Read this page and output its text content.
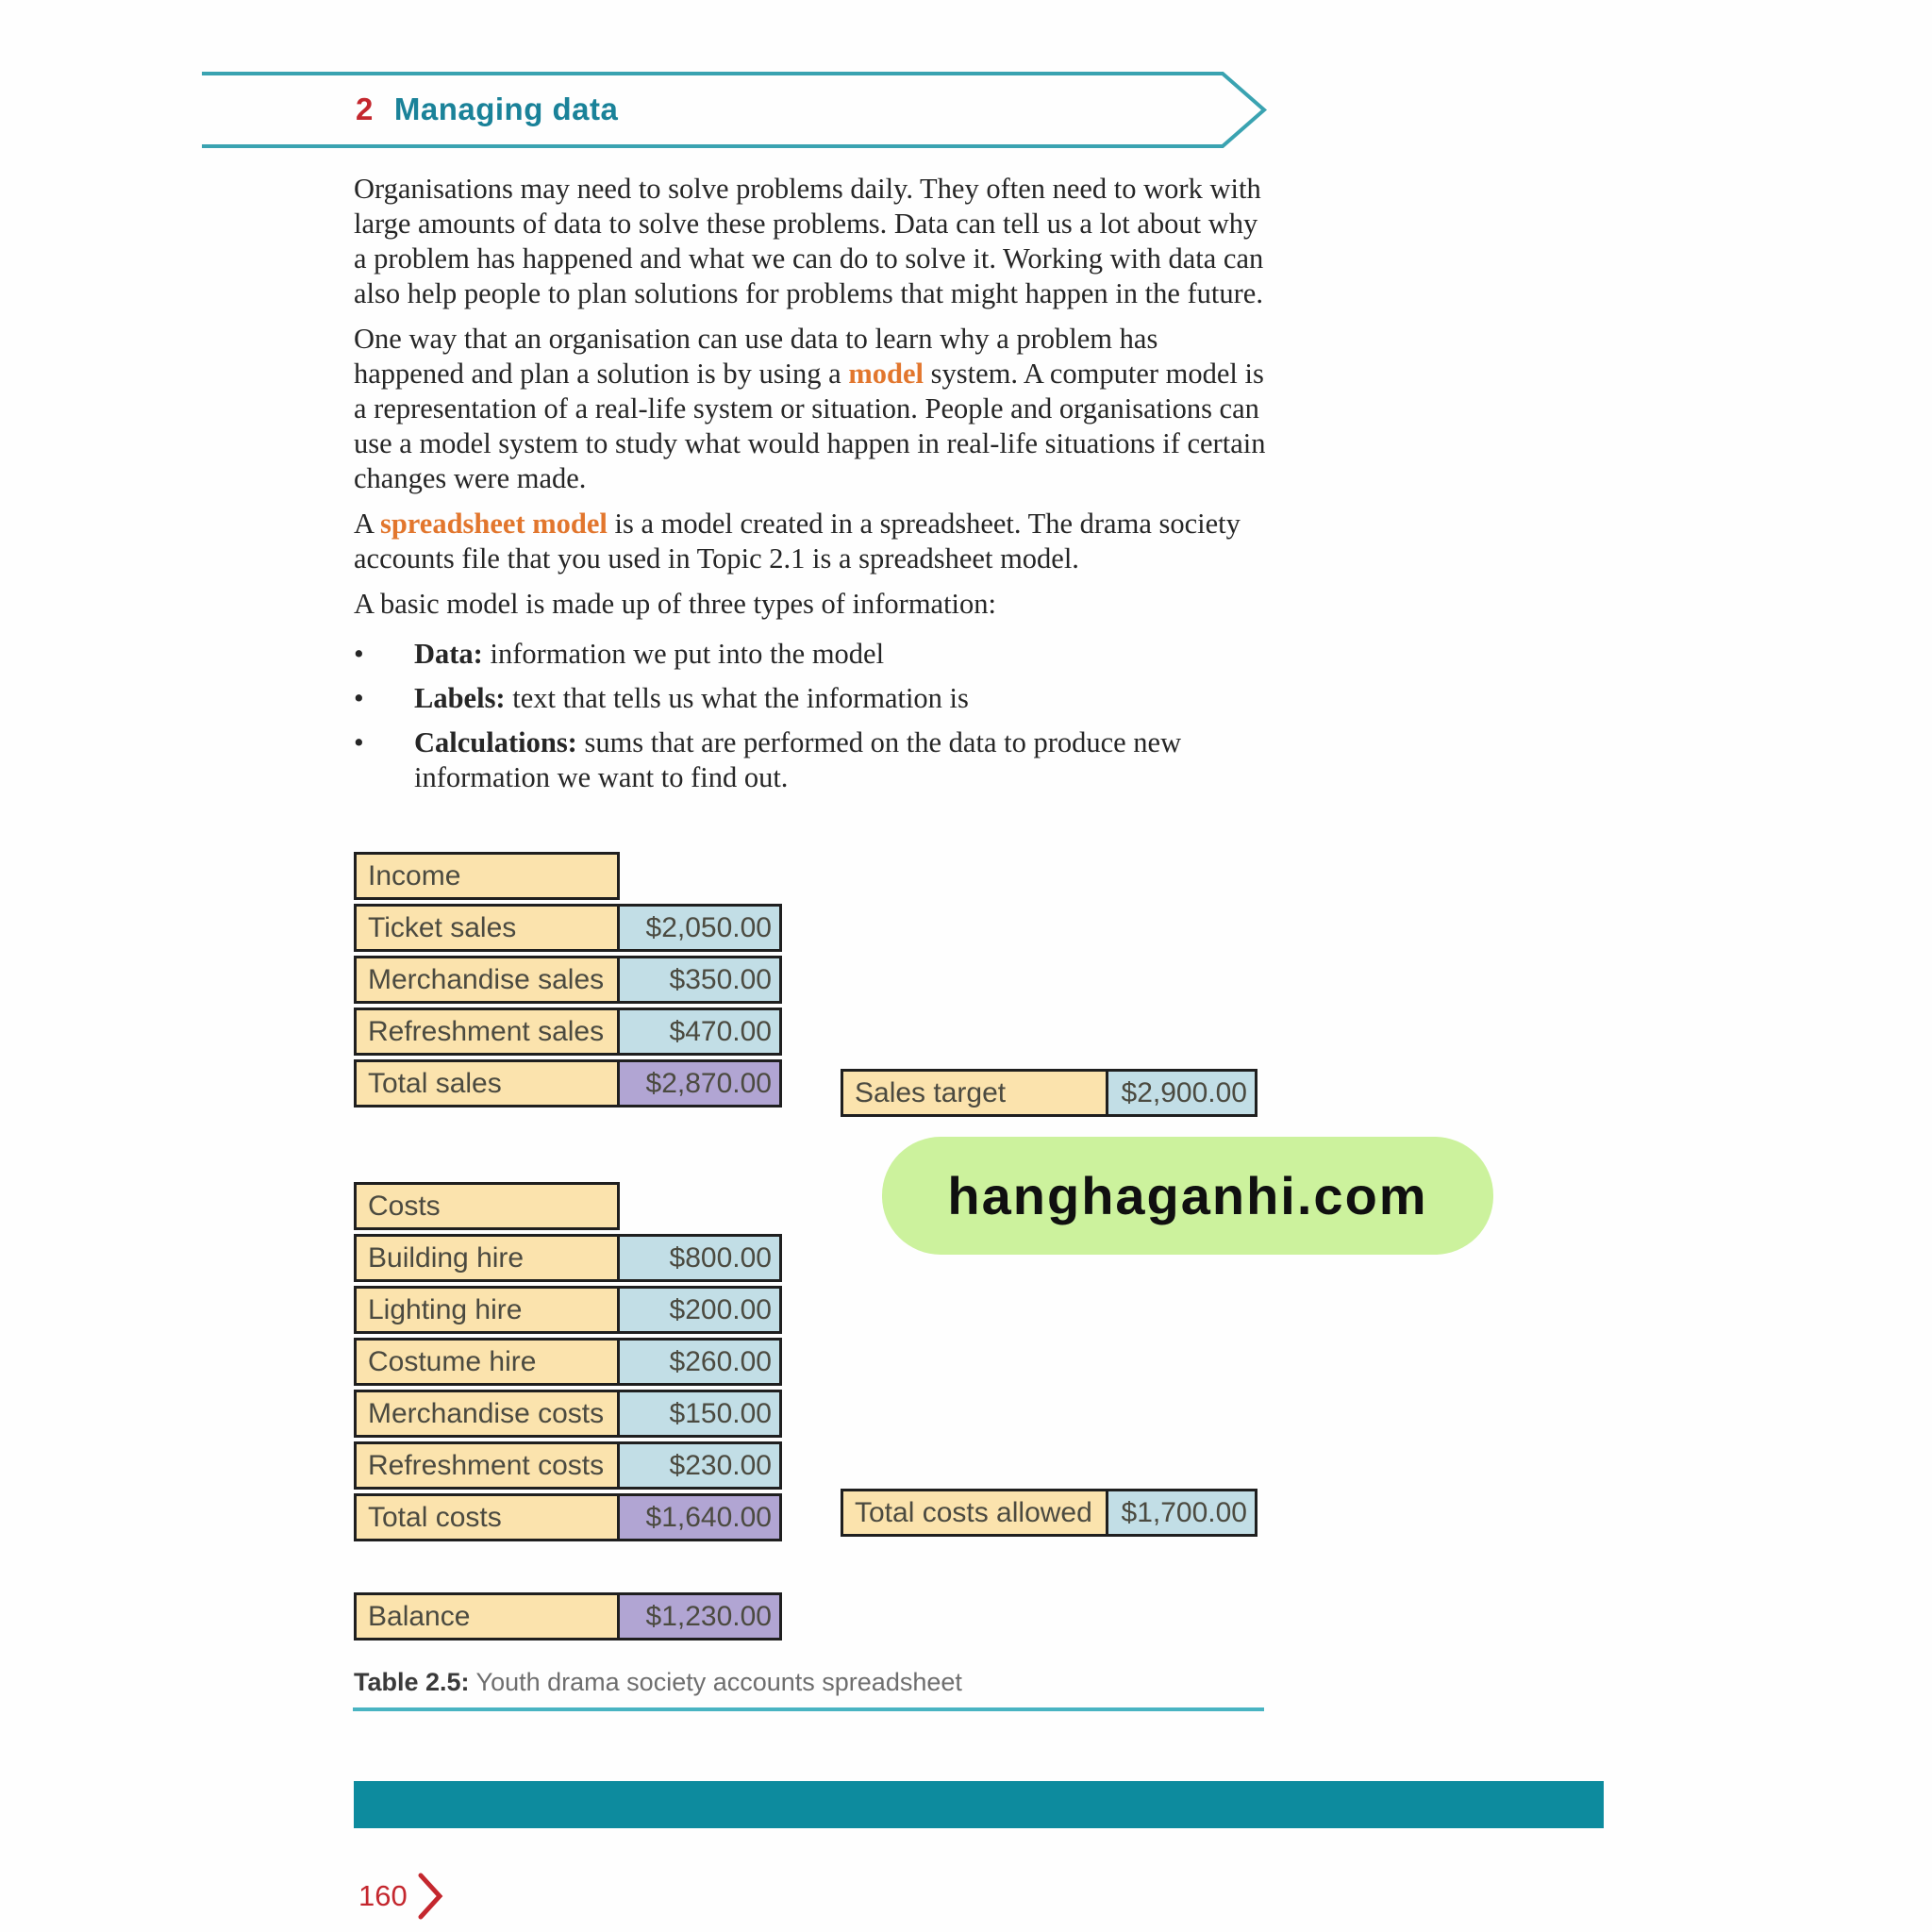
2 Managing data

Organisations may need to solve problems daily. They often need to work with large amounts of data to solve these problems. Data can tell us a lot about why a problem has happened and what we can do to solve it. Working with data can also help people to plan solutions for problems that might happen in the future.

One way that an organisation can use data to learn why a problem has happened and plan a solution is by using a model system. A computer model is a representation of a real-life system or situation. People and organisations can use a model system to study what would happen in real-life situations if certain changes were made.

A spreadsheet model is a model created in a spreadsheet. The drama society accounts file that you used in Topic 2.1 is a spreadsheet model.

A basic model is made up of three types of information:

•	Data: information we put into the model
•	Labels: text that tells us what the information is
•	Calculations: sums that are performed on the data to produce new information we want to find out.
Income
Ticket sales	$2,050.00
Merchandise sales	$350.00
Refreshment sales	$470.00
Total sales	$2,870.00	Sales target	$2,900.00
hanghaganhi.com
Costs
Building hire	$800.00
Lighting hire	$200.00
Costume hire	$260.00
Merchandise costs	$150.00
Refreshment costs	$230.00
Total costs	$1,640.00	Total costs allowed	$1,700.00
Balance	$1,230.00
Table 2.5: Youth drama society accounts spreadsheet
160
